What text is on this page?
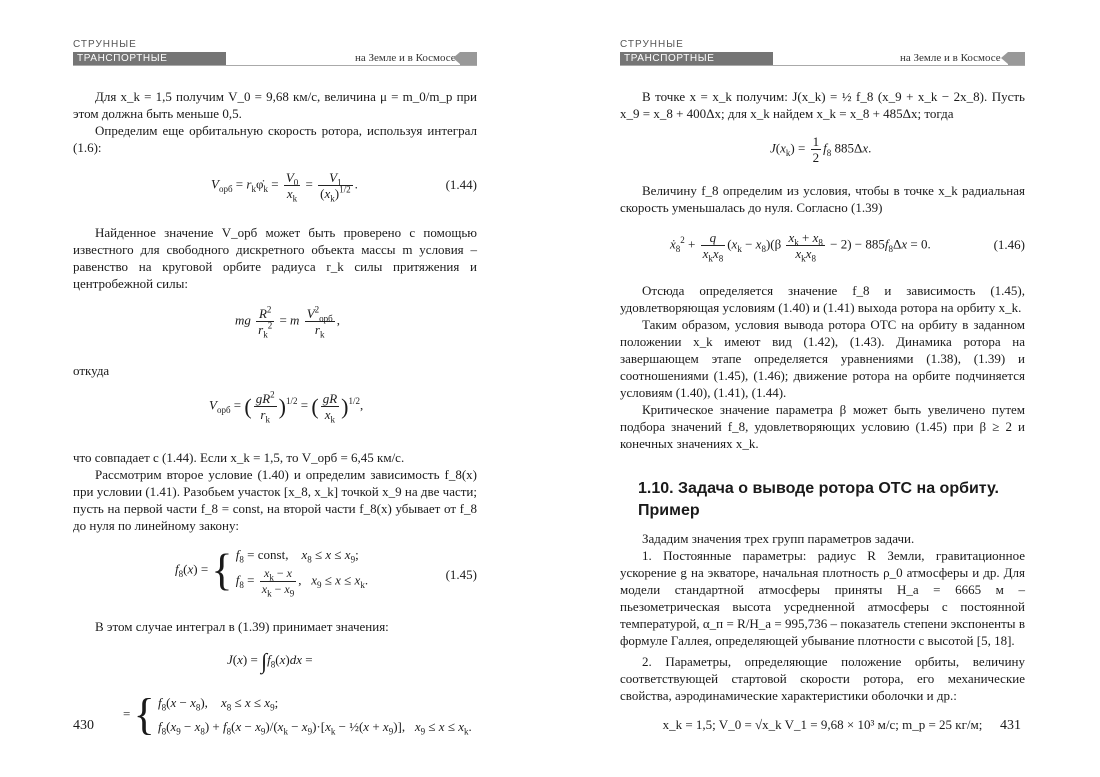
СТРУННЫЕ
ТРАНСПОРТНЫЕ СИСТЕМЫ >>
на Земле и в Космосе

Для x_k = 1,5 получим V_0 = 9,68 км/с, величина μ = m_0/m_p при этом должна быть меньше 0,5.

Определим еще орбитальную скорость ротора, используя интеграл (1.6):

$V_{орб}$ = $r_k\varphi̇_k = \frac{V_0}{x_k} = \frac{V_1}{(x_k)^{1/2}}$ .	(1.44)

Найденное значение V_орб может быть проверено с помощью известного для свободного дискретного объекта массы m условия – равенство на круговой орбите радиуса r_k силы притяжения и центробежной силы:

mg $\frac{R^2}{r_k^2} = m \frac{V^2_{орб}}{r_k}$ ,

откуда

$V_{орб}$ = ( $\frac{gR^2}{r_k} )^{1/2}$ = ( $\frac{gR}{x_k} )^{1/2}$,

что совпадает с (1.44). Если x_k = 1,5, то V_орб = 6,45 км/с.

Рассмотрим второе условие (1.40) и определим зависимость f_8(x) при условии (1.41). Разобьем участок [x_8, x_k] точкой x_9 на две части; пусть на первой части f_8 = const, на второй части f_8(x) убывает от f_8 до нуля по линейному закону:

$f_8(x)$ = { $f_8$ = const,    $x_8 \le x \le x_9$;
$f_8 = \frac{x_k - x}{x_k - x_9}$ ,   $x_9 \le x \le x_k$.	(1.45)

В этом случае интеграл в (1.39) принимает значения:

$J(x) = \int f_8(x)dx$ =
= { $f_8(x - x_8)$,    $x_8 \le x \le x_9$;
$f_8(x_9 - x_8) + f_8(x - x_9)/(x_k - x_9)\cdot[x_k$ − ½(x + $x_9$)],   $x_9 \le x \le x_k$.
430
СТРУННЫЕ
ТРАНСПОРТНЫЕ СИСТЕМЫ >>
на Земле и в Космосе

В точке x = x_k получим: J(x_k) = ½ f_8 (x_9 + x_k − 2x_8). Пусть x_9 = x_8 + 400Δx; для x_k найдем x_k = x_8 + 485Δx; тогда

$J(x_k) = \frac{1}{2} f_8$ 885Δx.

Величину f_8 определим из условия, чтобы в точке x_k радиальная скорость уменьшалась до нуля. Согласно (1.39)

ẋ$_8^2$ + $\frac{q}{x_kx_8} (x_k - x_8)(\beta \frac{x_k + x_8}{x_kx_8} - 2) - 885f_8\Delta x = 0$.	(1.46)

Отсюда определяется значение f_8 и зависимость (1.45), удовлетворяющая условиям (1.40) и (1.41) выхода ротора на орбиту x_k.

Таким образом, условия вывода ротора ОТС на орбиту в заданном положении x_k имеют вид (1.42), (1.43). Динамика ротора на завершающем этапе определяется уравнениями (1.38), (1.39) и соотношениями (1.45), (1.46); движение ротора на орбите подчиняется условиям (1.40), (1.41), (1.44).

Критическое значение параметра β может быть увеличено путем подбора значений f_8, удовлетворяющих условию (1.45) при β ≥ 2 и конечных значениях x_k.

1.10. Задача о выводе ротора ОТС на орбиту. Пример

Зададим значения трех групп параметров задачи.

1. Постоянные параметры: радиус R Земли, гравитационное ускорение g на экваторе, начальная плотность ρ_0 атмосферы и др. Для модели стандартной атмосферы приняты H_a = 6665 м – пьезометрическая высота усредненной атмосферы с постоянной температурой, α_п = R/H_a = 995,736 – показатель степени экспоненты в формуле Галлея, определяющей убывание плотности с высотой [5, 18].

2. Параметры, определяющие положение орбиты, величину соответствующей стартовой скорости ротора, его механические свойства, аэродинамические характеристики оболочки и др.:

x_k = 1,5; V_0 = √x_k V_1 = 9,68 × 10³ м/с; m_p = 25 кг/м;	431
